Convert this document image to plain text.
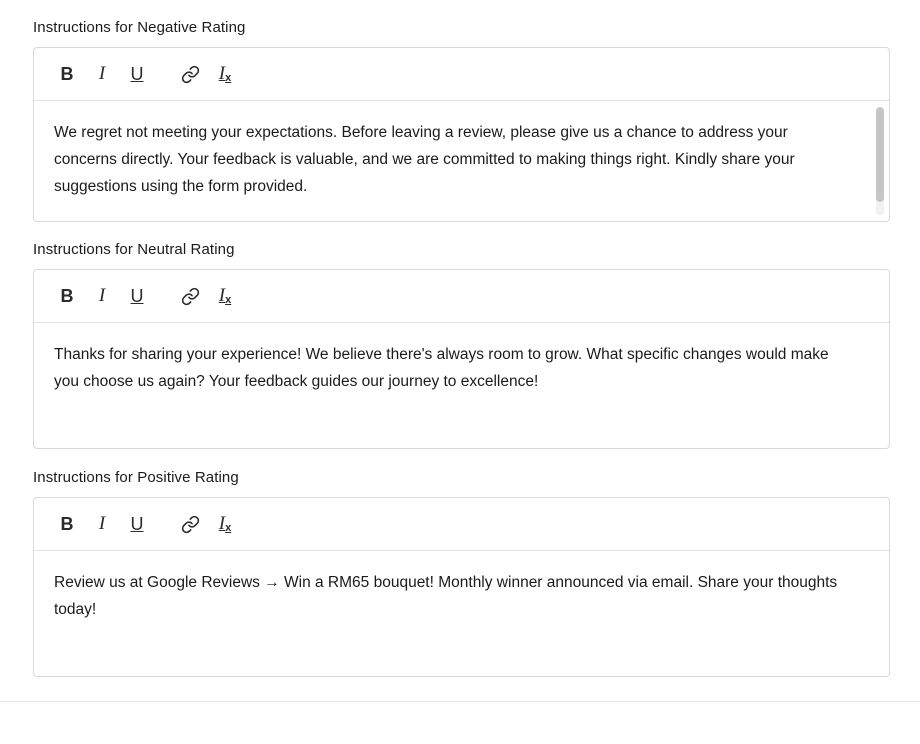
Instructions for Negative Rating
B	I	U	I x
We regret not meeting your expectations. Before leaving a review, please give us a chance to address your concerns directly. Your feedback is valuable, and we are committed to making things right. Kindly share your suggestions using the form provided.
Instructions for Neutral Rating
B	I	U	I x
Thanks for sharing your experience! We believe there's always room to grow. What specific changes would make you choose us again? Your feedback guides our journey to excellence!
Instructions for Positive Rating
B	I	U	I x
Review us at Google Reviews → Win a RM65 bouquet! Monthly winner announced via email. Share your thoughts today!
